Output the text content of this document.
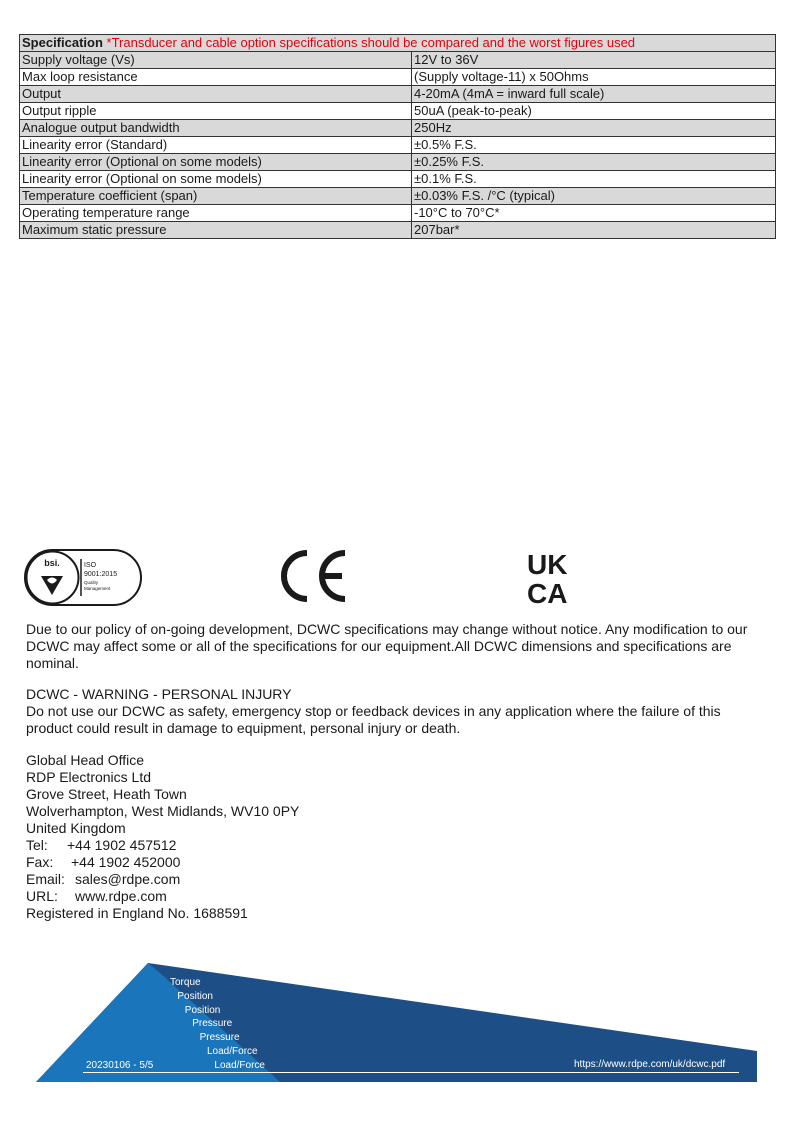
Specification *Transducer and cable option specifications should be compared and the worst figures used	
Supply voltage (Vs)	12V to 36V
Max loop resistance	(Supply voltage-11) x 50Ohms
Output	4-20mA (4mA = inward full scale)
Output ripple	50uA (peak-to-peak)
Analogue output bandwidth	250Hz
Linearity error (Standard)	±0.5% F.S.
Linearity error (Optional on some models)	±0.25% F.S.
Linearity error (Optional on some models)	±0.1% F.S.
Temperature coefficient (span)	±0.03% F.S. /°C (typical)
Operating temperature range	-10°C to 70°C*
Maximum static pressure	207bar*
bsi.	ISO
9001:2015
Quality
Management
UK
CA
Due to our policy of on-going development, DCWC specifications may change without notice. Any modification to our DCWC may affect some or all of the specifications for our equipment.All DCWC dimensions and specifications are nominal.
DCWC - WARNING - PERSONAL INJURY
Do not use our DCWC as safety, emergency stop or feedback devices in any application where the failure of this product could result in damage to equipment, personal injury or death.
Global Head Office
RDP Electronics Ltd
Grove Street, Heath Town
Wolverhampton, West Midlands, WV10 0PY
United Kingdom
Tel: +44 1902 457512
Fax: +44 1902 452000
Email: sales@rdpe.com
URL: www.rdpe.com
Registered in England No. 1688591
Torque
Position
Position
Pressure
Pressure
Load/Force
Load/Force
20230106 - 5/5	https://www.rdpe.com/uk/dcwc.pdf
